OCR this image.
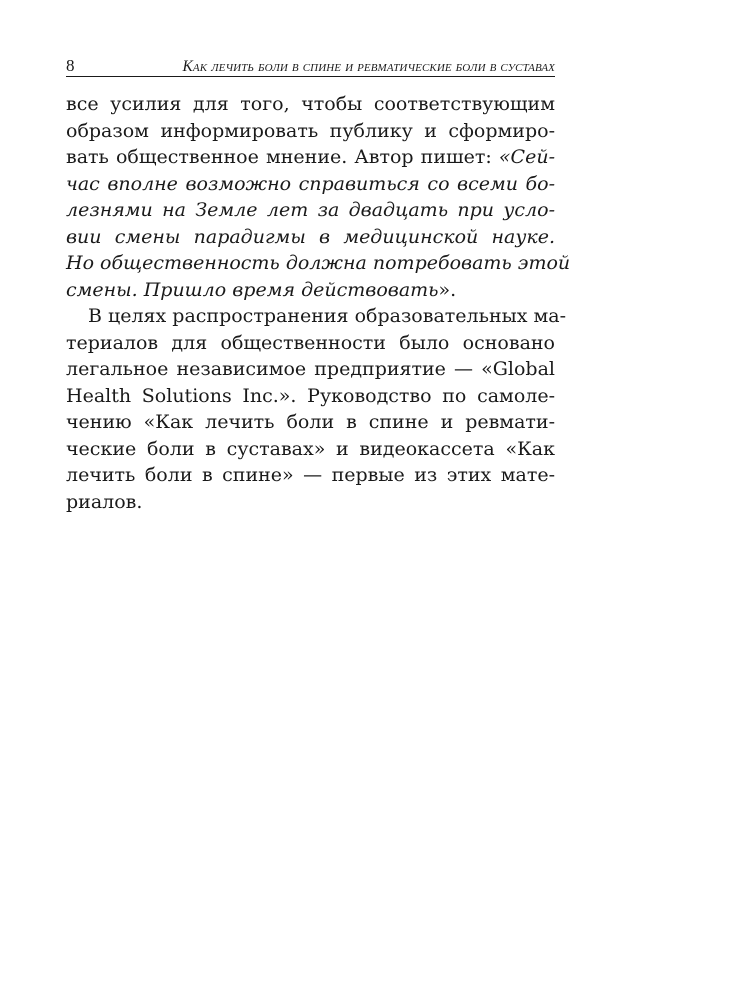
8	Как лечить боли в спине и ревматические боли в суставах
все усилия для того, чтобы соответствующим
образом информировать публику и сформиро-
вать общественное мнение. Автор пишет: «Сей-
час вполне возможно справиться со всеми бо-
лезнями на Земле лет за двадцать при усло-
вии смены парадигмы в медицинской науке.
Но общественность должна потребовать этой
смены. Пришло время действовать».
В целях распространения образовательных ма-
териалов для общественности было основано
легальное независимое предприятие — «Global
Health Solutions Inc.». Руководство по самоле-
чению «Как лечить боли в спине и ревмати-
ческие боли в суставах» и видеокассета «Как
лечить боли в спине» — первые из этих мате-
риалов.
